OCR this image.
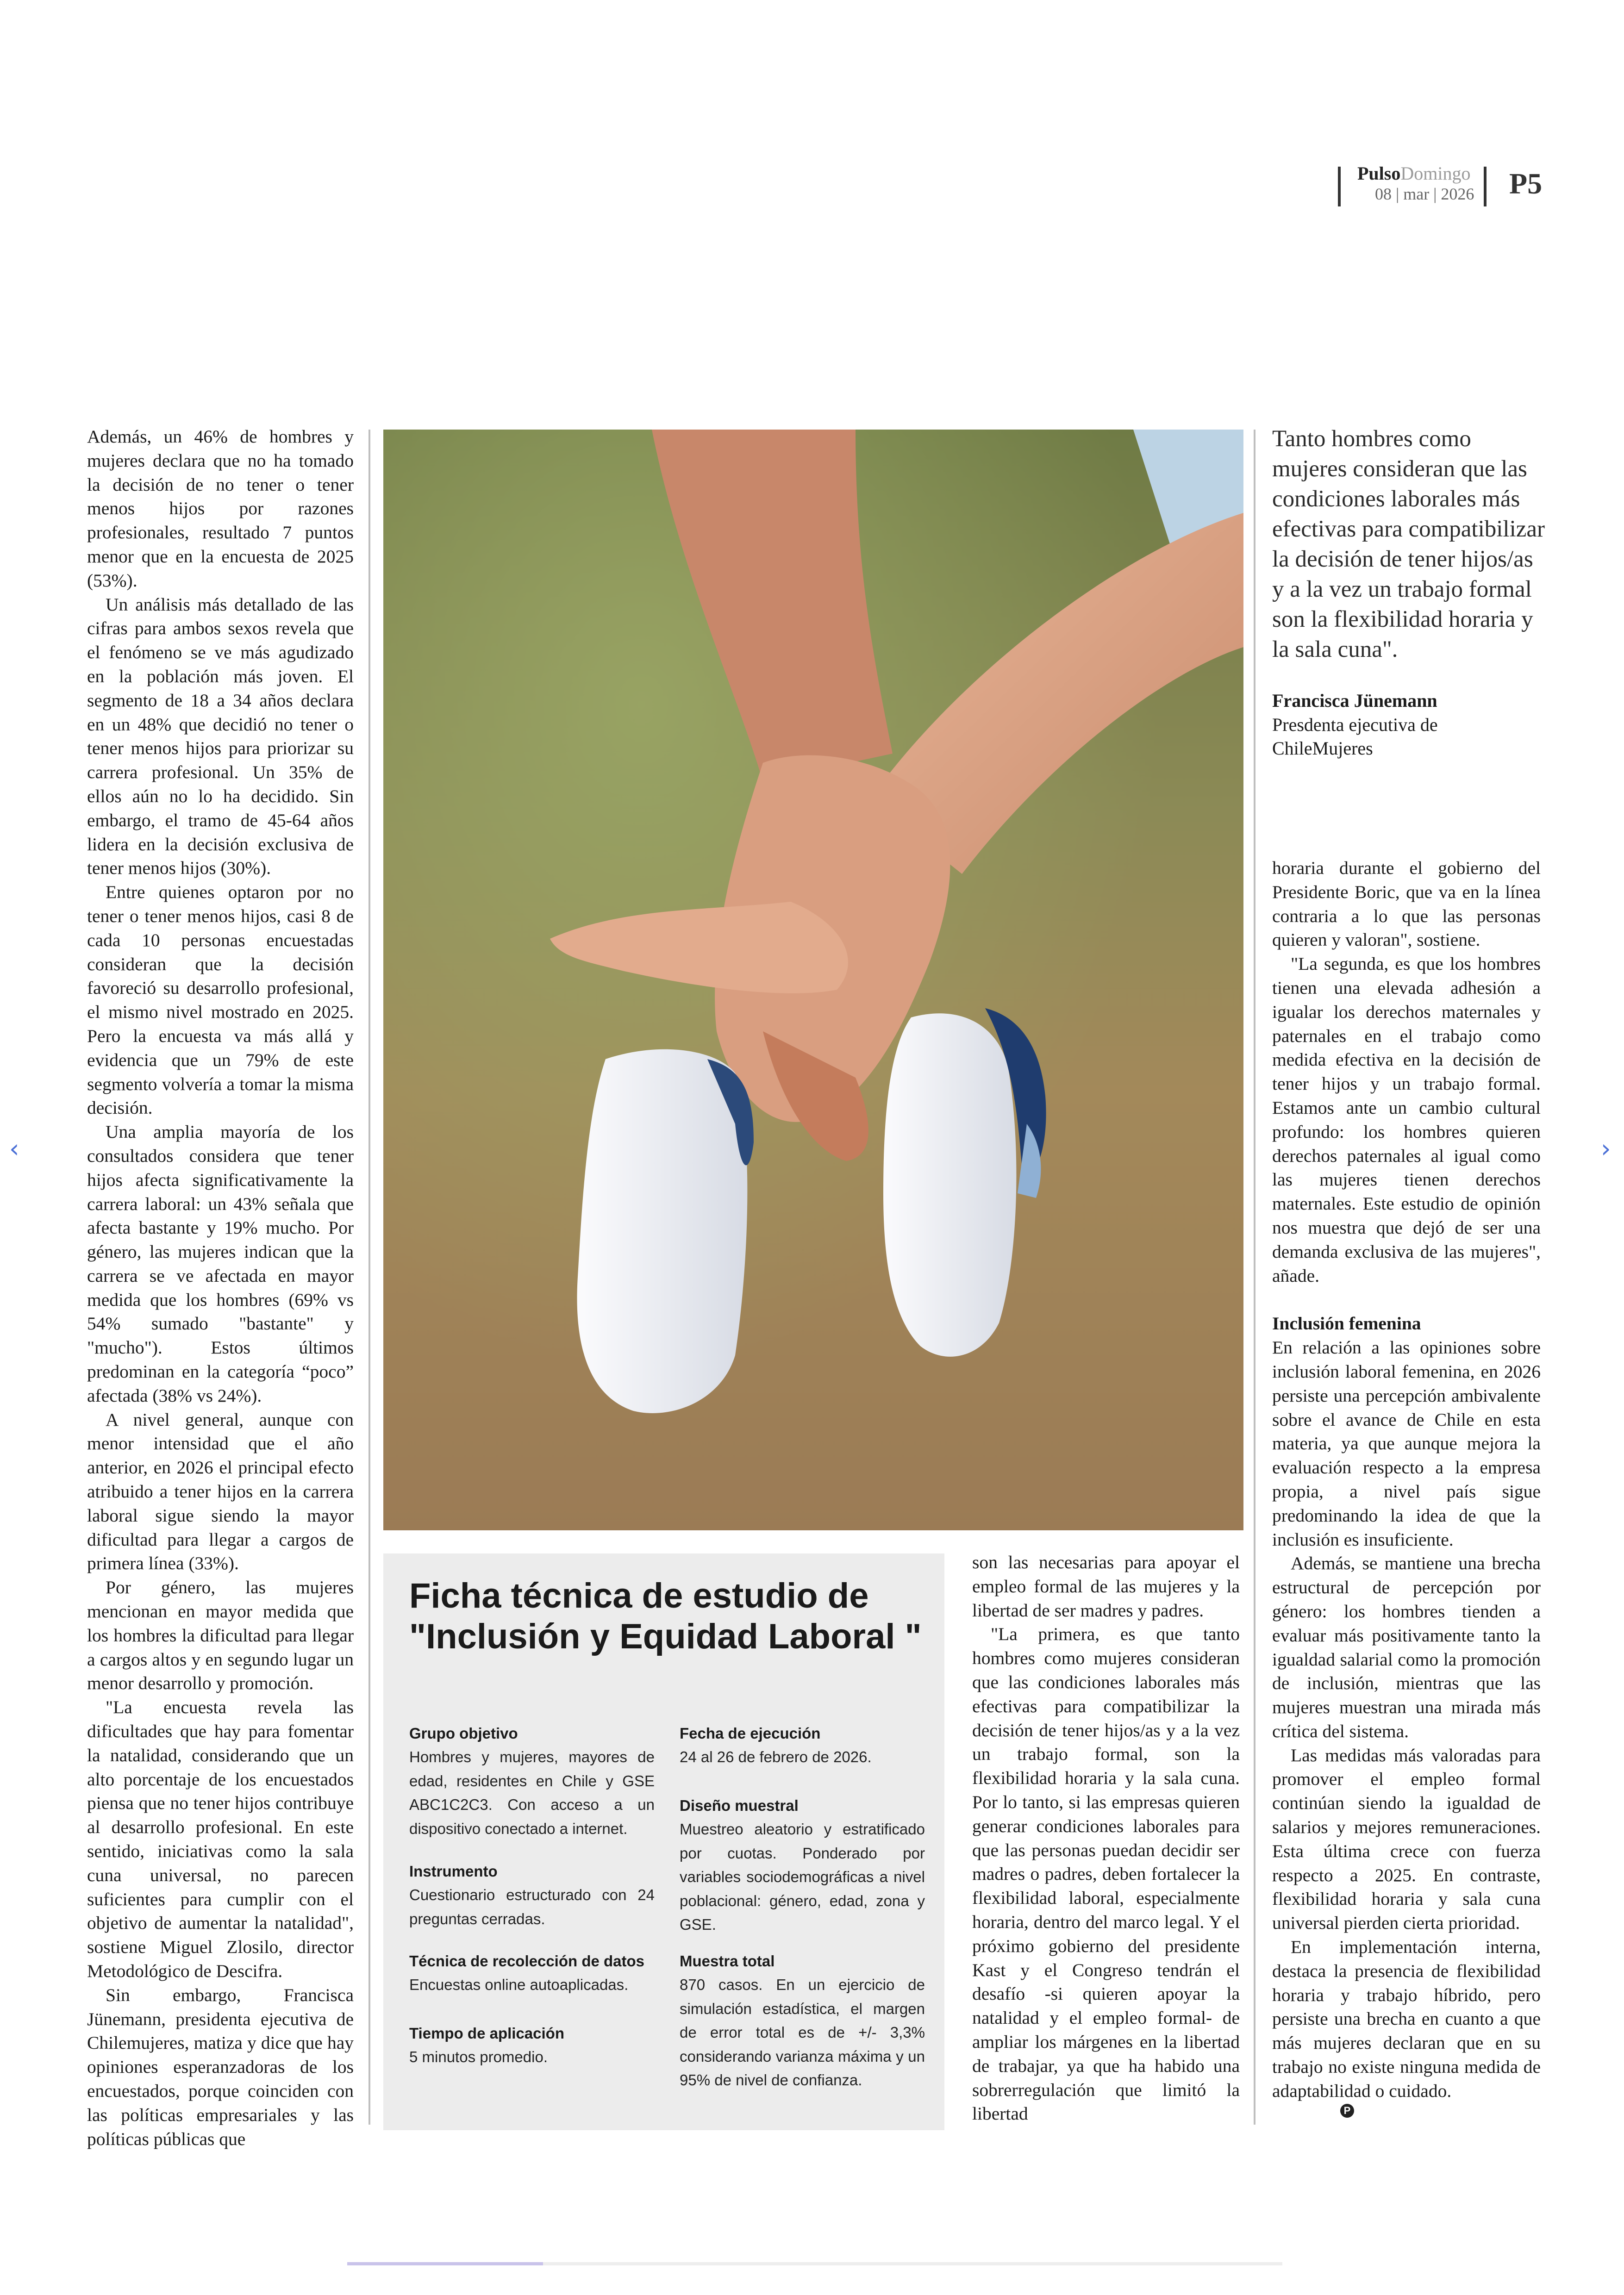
PulsoDomingo
08 | mar | 2026 P5

Además, un 46% de hombres y mujeres declara que no ha tomado la decisión de no tener o tener menos hijos por razones profesionales, resultado 7 puntos menor que en la encuesta de 2025 (53%).

Un análisis más detallado de las cifras para ambos sexos revela que el fenómeno se ve más agudizado en la población más joven. El segmento de 18 a 34 años declara en un 48% que decidió no tener o tener menos hijos para priorizar su carrera profesional. Un 35% de ellos aún no lo ha decidido. Sin embargo, el tramo de 45-64 años lidera en la decisión exclusiva de tener menos hijos (30%).

Entre quienes optaron por no tener o tener menos hijos, casi 8 de cada 10 personas encuestadas consideran que la decisión favoreció su desarrollo profesional, el mismo nivel mostrado en 2025. Pero la encuesta va más allá y evidencia que un 79% de este segmento volvería a tomar la misma decisión.

Una amplia mayoría de los consultados considera que tener hijos afecta significativamente la carrera laboral: un 43% señala que afecta bastante y 19% mucho. Por género, las mujeres indican que la carrera se ve afectada en mayor medida que los hombres (69% vs 54% sumado "bastante" y "mucho"). Estos últimos predominan en la categoría “poco” afectada (38% vs 24%).

A nivel general, aunque con menor intensidad que el año anterior, en 2026 el principal efecto atribuido a tener hijos en la carrera laboral sigue siendo la mayor dificultad para llegar a cargos de primera línea (33%).

Por género, las mujeres mencionan en mayor medida que los hombres la dificultad para llegar a cargos altos y en segundo lugar un menor desarrollo y promoción.

"La encuesta revela las dificultades que hay para fomentar la natalidad, considerando que un alto porcentaje de los encuestados piensa que no tener hijos contribuye al desarrollo profesional. En este sentido, iniciativas como la sala cuna universal, no parecen suficientes para cumplir con el objetivo de aumentar la natalidad", sostiene Miguel Zlosilo, director Metodológico de Descifra.

Sin embargo, Francisca Jünemann, presidenta ejecutiva de Chilemujeres, matiza y dice que hay opiniones esperanzadoras de los encuestados, porque coinciden con las políticas empresariales y las políticas públicas que

Tanto hombres como mujeres consideran que las condiciones laborales más efectivas para compatibilizar la decisión de tener hijos/as y a la vez un trabajo formal son la flexibilidad horaria y la sala cuna".
Francisca Jünemann
Presdenta ejecutiva de
ChileMujeres
Ficha técnica de estudio de "Inclusión y Equidad Laboral "
Grupo objetivo
Hombres y mujeres, mayores de edad, residentes en Chile y GSE ABC1C2C3. Con acceso a un dispositivo conectado a internet.
Instrumento
Cuestionario estructurado con 24 preguntas cerradas.
Técnica de recolección de datos
Encuestas online autoaplicadas.
Tiempo de aplicación
5 minutos promedio.
Fecha de ejecución
24 al 26 de febrero de 2026.
Diseño muestral
Muestreo aleatorio y estratificado por cuotas. Ponderado por variables sociodemográficas a nivel poblacional: género, edad, zona y GSE.
Muestra total
870 casos. En un ejercicio de simulación estadística, el margen de error total es de +/- 3,3% considerando varianza máxima y un 95% de nivel de confianza.

son las necesarias para apoyar el empleo formal de las mujeres y la libertad de ser madres y padres.

"La primera, es que tanto hombres como mujeres consideran que las condiciones laborales más efectivas para compatibilizar la decisión de tener hijos/as y a la vez un trabajo formal, son la flexibilidad horaria y la sala cuna. Por lo tanto, si las empresas quieren generar condiciones laborales para que las personas puedan decidir ser madres o padres, deben fortalecer la flexibilidad laboral, especialmente horaria, dentro del marco legal. Y el próximo gobierno del presidente Kast y el Congreso tendrán el desafío -si quieren apoyar la natalidad y el empleo formal- de ampliar los márgenes en la libertad de trabajar, ya que ha habido una sobrerregulación que limitó la libertad

horaria durante el gobierno del Presidente Boric, que va en la línea contraria a lo que las personas quieren y valoran", sostiene.

"La segunda, es que los hombres tienen una elevada adhesión a igualar los derechos maternales y paternales en el trabajo como medida efectiva en la decisión de tener hijos y un trabajo formal. Estamos ante un cambio cultural profundo: los hombres quieren derechos paternales al igual como las mujeres tienen derechos maternales. Este estudio de opinión nos muestra que dejó de ser una demanda exclusiva de las mujeres", añade.

Inclusión femenina

En relación a las opiniones sobre inclusión laboral femenina, en 2026 persiste una percepción ambivalente sobre el avance de Chile en esta materia, ya que aunque mejora la evaluación respecto a la empresa propia, a nivel país sigue predominando la idea de que la inclusión es insuficiente.

Además, se mantiene una brecha estructural de percepción por género: los hombres tienden a evaluar más positivamente tanto la igualdad salarial como la promoción de inclusión, mientras que las mujeres muestran una mirada más crítica del sistema.

Las medidas más valoradas para promover el empleo formal continúan siendo la igualdad de salarios y mejores remuneraciones. Esta última crece con fuerza respecto a 2025. En contraste, flexibilidad horaria y sala cuna universal pierden cierta prioridad.

En implementación interna, destaca la presencia de flexibilidad horaria y trabajo híbrido, pero persiste una brecha en cuanto a que más mujeres declaran que en su trabajo no existe ninguna medida de adaptabilidad o cuidado.

P
‹	›
